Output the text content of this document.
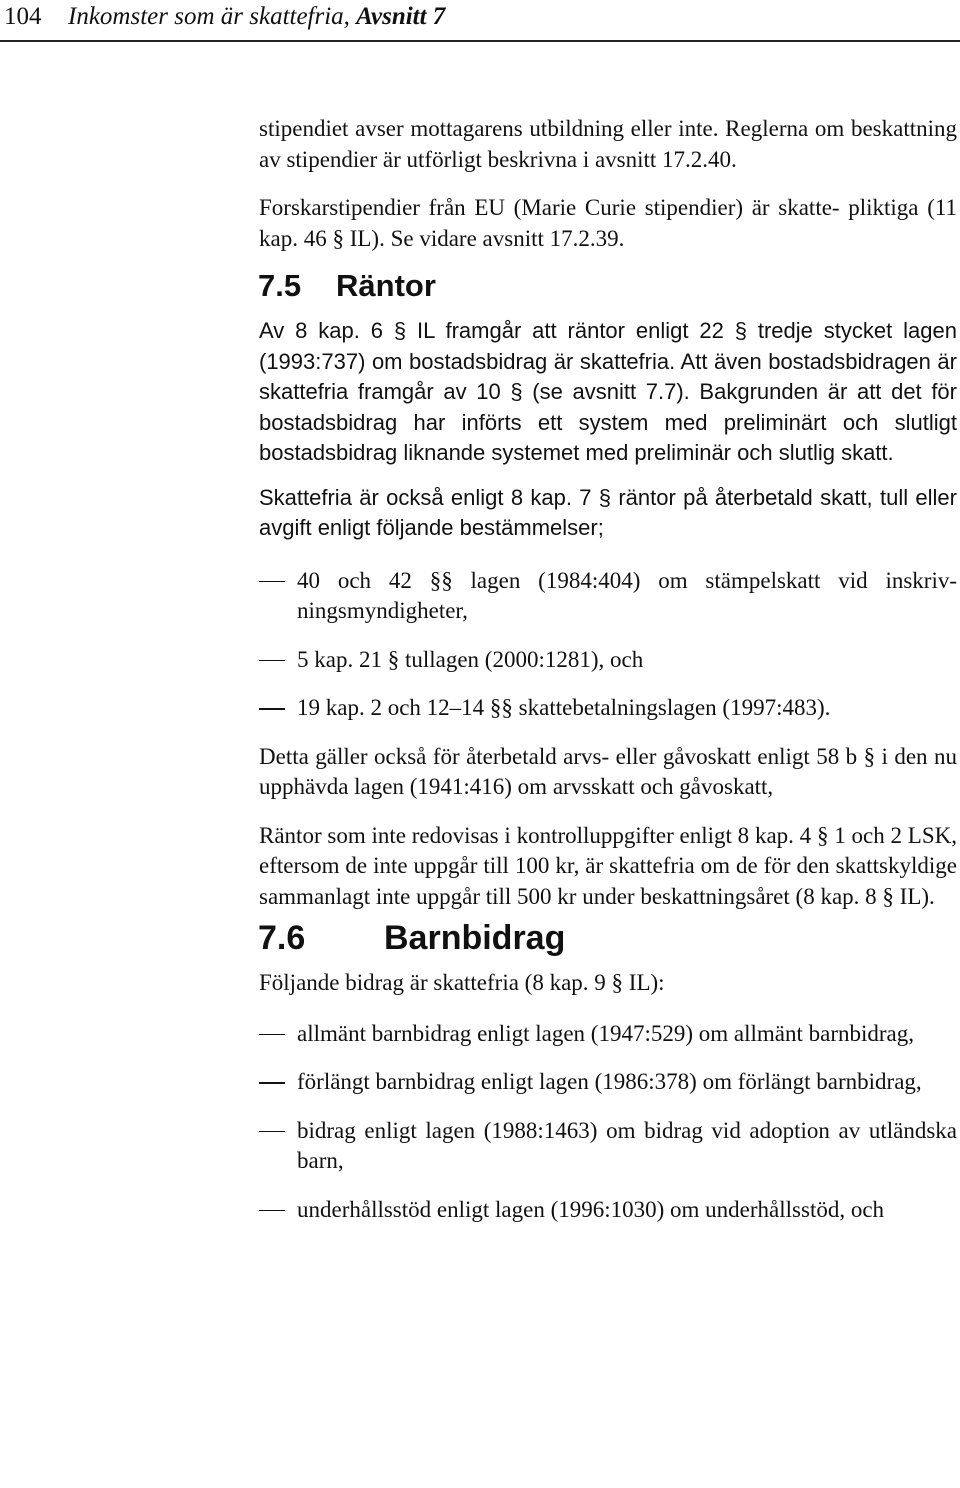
104 Inkomster som är skattefria, Avsnitt 7

stipendiet avser mottagarens utbildning eller inte. Reglerna om beskattning av stipendier är utförligt beskrivna i avsnitt 17.2.40.

Forskarstipendier från EU (Marie Curie stipendier) är skatte- pliktiga (11 kap. 46 § IL). Se vidare avsnitt 17.2.39.

7.5 Räntor

Av 8 kap. 6 § IL framgår att räntor enligt 22 § tredje stycket lagen (1993:737) om bostadsbidrag är skattefria. Att även bostadsbidragen är skattefria framgår av 10 § (se avsnitt 7.7). Bakgrunden är att det för bostadsbidrag har införts ett system med preliminärt och slutligt bostadsbidrag liknande systemet med preliminär och slutlig skatt.

Skattefria är också enligt 8 kap. 7 § räntor på återbetald skatt, tull eller avgift enligt följande bestämmelser;

40 och 42 §§ lagen (1984:404) om stämpelskatt vid inskriv- ningsmyndigheter,
5 kap. 21 § tullagen (2000:1281), och
19 kap. 2 och 12–14 §§ skattebetalningslagen (1997:483).

Detta gäller också för återbetald arvs- eller gåvoskatt enligt 58 b § i den nu upphävda lagen (1941:416) om arvsskatt och gåvoskatt,

Räntor som inte redovisas i kontrolluppgifter enligt 8 kap. 4 § 1 och 2 LSK, eftersom de inte uppgår till 100 kr, är skattefria om de för den skattskyldige sammanlagt inte uppgår till 500 kr under beskattningsåret (8 kap. 8 § IL).

7.6 Barnbidrag

Följande bidrag är skattefria (8 kap. 9 § IL):

allmänt barnbidrag enligt lagen (1947:529) om allmänt barnbidrag,
förlängt barnbidrag enligt lagen (1986:378) om förlängt barnbidrag,
bidrag enligt lagen (1988:1463) om bidrag vid adoption av utländska barn,
underhållsstöd enligt lagen (1996:1030) om underhållsstöd, och
